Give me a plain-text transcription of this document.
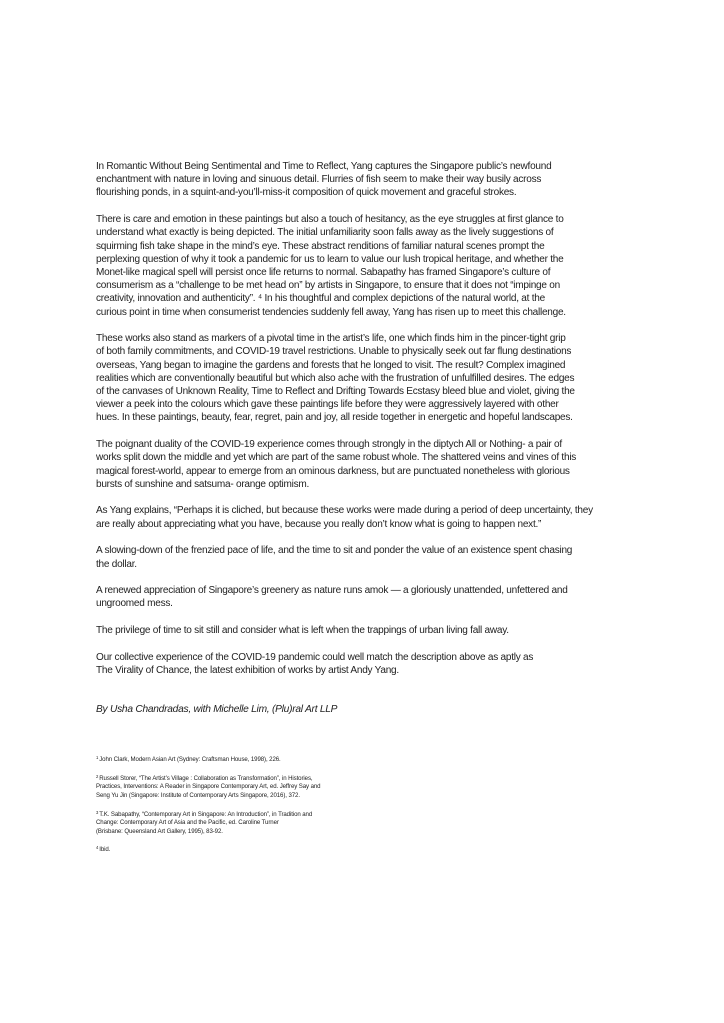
In Romantic Without Being Sentimental and Time to Reflect, Yang captures the Singapore public’s newfound
enchantment with nature in loving and sinuous detail. Flurries of fish seem to make their way busily across
flourishing ponds, in a squint-and-you’ll-miss-it composition of quick movement and graceful strokes.

There is care and emotion in these paintings but also a touch of hesitancy, as the eye struggles at first glance to
understand what exactly is being depicted. The initial unfamiliarity soon falls away as the lively suggestions of
squirming fish take shape in the mind’s eye. These abstract renditions of familiar natural scenes prompt the
perplexing question of why it took a pandemic for us to learn to value our lush tropical heritage, and whether the
Monet-like magical spell will persist once life returns to normal. Sabapathy has framed Singapore’s culture of
consumerism as a “challenge to be met head on” by artists in Singapore, to ensure that it does not “impinge on
creativity, innovation and authenticity”. ⁴ In his thoughtful and complex depictions of the natural world, at the
curious point in time when consumerist tendencies suddenly fell away, Yang has risen up to meet this challenge.

These works also stand as markers of a pivotal time in the artist’s life, one which finds him in the pincer-tight grip
of both family commitments, and COVID-19 travel restrictions. Unable to physically seek out far flung destinations
overseas, Yang began to imagine the gardens and forests that he longed to visit. The result? Complex imagined
realities which are conventionally beautiful but which also ache with the frustration of unfulfilled desires. The edges
of the canvases of Unknown Reality, Time to Reflect and Drifting Towards Ecstasy bleed blue and violet, giving the
viewer a peek into the colours which gave these paintings life before they were aggressively layered with other
hues. In these paintings, beauty, fear, regret, pain and joy, all reside together in energetic and hopeful landscapes.

The poignant duality of the COVID-19 experience comes through strongly in the diptych All or Nothing- a pair of
works split down the middle and yet which are part of the same robust whole. The shattered veins and vines of this
magical forest-world, appear to emerge from an ominous darkness, but are punctuated nonetheless with glorious
bursts of sunshine and satsuma- orange optimism.

As Yang explains, “Perhaps it is cliched, but because these works were made during a period of deep uncertainty, they
are really about appreciating what you have, because you really don’t know what is going to happen next.”

A slowing-down of the frenzied pace of life, and the time to sit and ponder the value of an existence spent chasing
the dollar.

A renewed appreciation of Singapore’s greenery as nature runs amok — a gloriously unattended, unfettered and
ungroomed mess.

The privilege of time to sit still and consider what is left when the trappings of urban living fall away.

Our collective experience of the COVID-19 pandemic could well match the description above as aptly as
The Virality of Chance, the latest exhibition of works by artist Andy Yang.

By Usha Chandradas, with Michelle Lim, (Plu)ral Art LLP

$^1$John Clark, Modern Asian Art (Sydney: Craftsman House, 1998), 226.

$^2$Russell Storer, “The Artist’s Village : Collaboration as Transformation”, in Histories,
Practices, Interventions: A Reader in Singapore Contemporary Art, ed. Jeffrey Say and
Seng Yu Jin (Singapore: Institute of Contemporary Arts Singapore, 2016), 372.

$^3$T.K. Sabapathy, “Contemporary Art in Singapore: An Introduction”, in Tradition and
Change: Contemporary Art of Asia and the Pacific, ed. Caroline Turner
(Brisbane: Queensland Art Gallery, 1995), 83-92.

$^4$Ibid.
